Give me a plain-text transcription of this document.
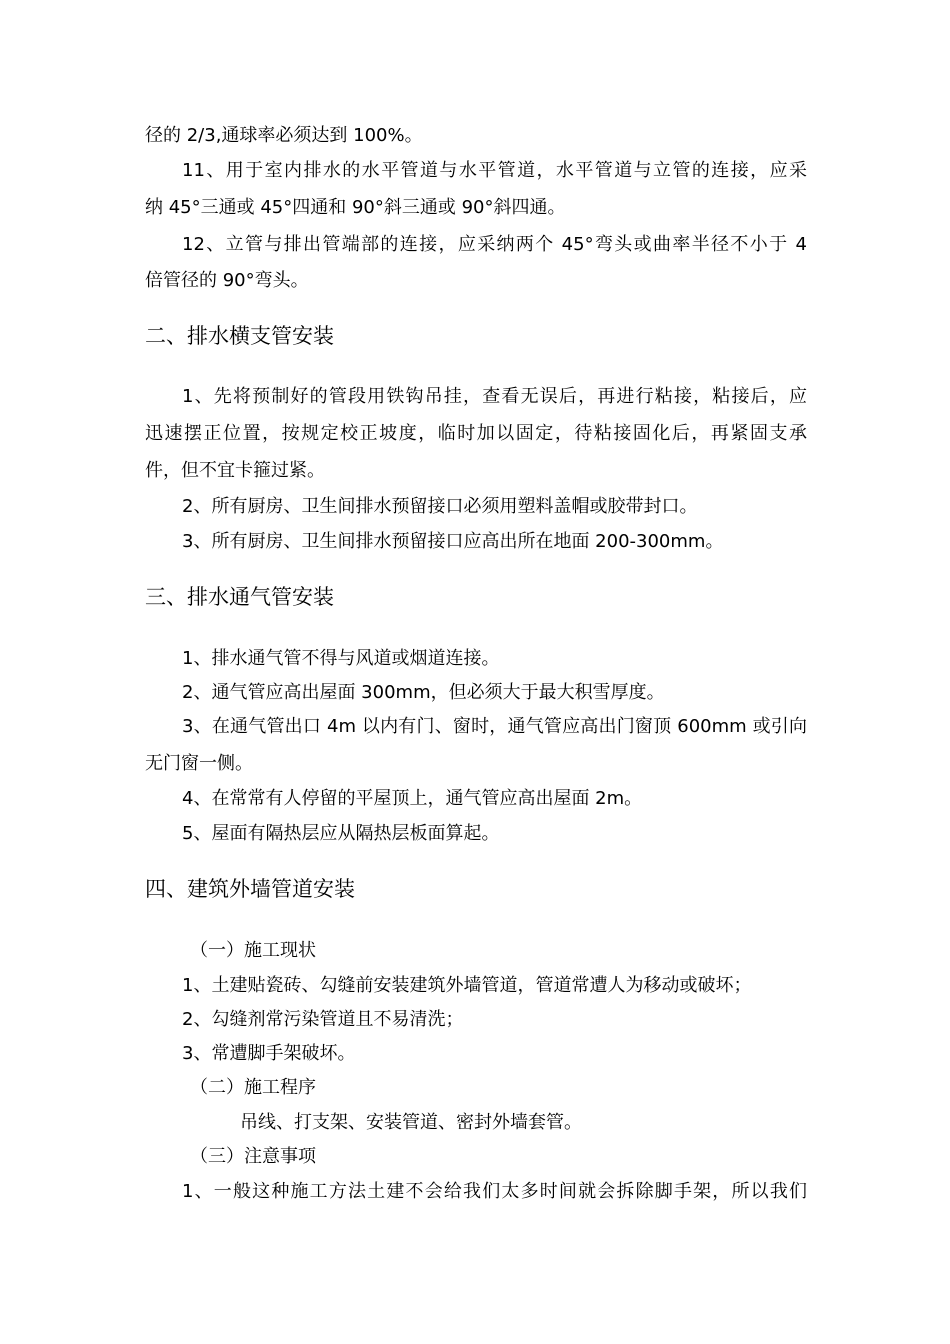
径的 2/3,通球率必须达到 100%。
11、用于室内排水的水平管道与水平管道，水平管道与立管的连接，应采
纳 45°三通或 45°四通和 90°斜三通或 90°斜四通。
12、立管与排出管端部的连接，应采纳两个 45°弯头或曲率半径不小于 4
倍管径的 90°弯头。
二、排水横支管安装
1、先将预制好的管段用铁钩吊挂，查看无误后，再进行粘接，粘接后，应
迅速摆正位置，按规定校正坡度，临时加以固定，待粘接固化后，再紧固支承
件，但不宜卡箍过紧。
2、所有厨房、卫生间排水预留接口必须用塑料盖帽或胶带封口。
3、所有厨房、卫生间排水预留接口应高出所在地面 200-300mm。
三、排水通气管安装
1、排水通气管不得与风道或烟道连接。
2、通气管应高出屋面 300mm，但必须大于最大积雪厚度。
3、在通气管出口 4m 以内有门、窗时，通气管应高出门窗顶 600mm 或引向
无门窗一侧。
4、在常常有人停留的平屋顶上，通气管应高出屋面 2m。
5、屋面有隔热层应从隔热层板面算起。
四、建筑外墙管道安装
（一）施工现状
1、土建贴瓷砖、勾缝前安装建筑外墙管道，管道常遭人为移动或破坏；
2、勾缝剂常污染管道且不易清洗；
3、常遭脚手架破坏。
（二）施工程序
吊线、打支架、安装管道、密封外墙套管。
（三）注意事项
1、一般这种施工方法土建不会给我们太多时间就会拆除脚手架，所以我们
